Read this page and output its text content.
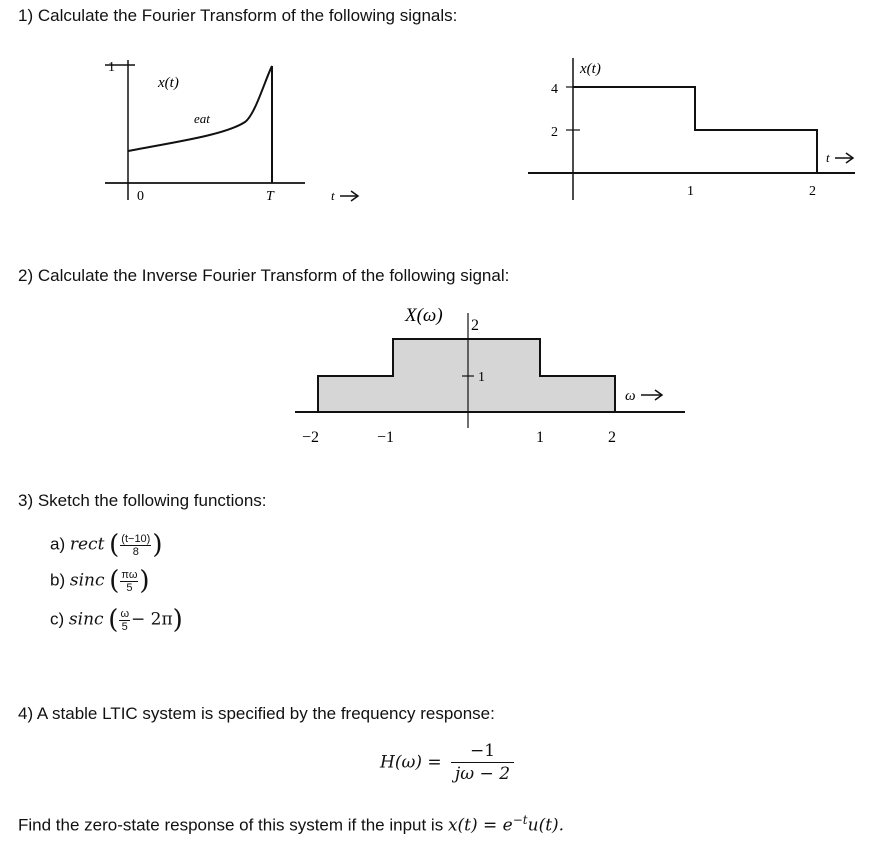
1) Calculate the Fourier Transform of the following signals:
1
x(t)
eat
0	T	t
4
2
x(t)
1	2
t
2) Calculate the Inverse Fourier Transform of the following signal:
X(ω) 2
1
−2	−1	1	2
ω
3) Sketch the following functions:
a) rect ( $\frac{(t-10)}{8}$ )
b) sinc ( $\frac{\pi\omega}{5}$ )
c) sinc ( $\frac{\omega}{5} - 2\pi$)
4) A stable LTIC system is specified by the frequency response:
$H(\omega) = \frac{-1}{j\omega - 2}$
Find the zero-state response of this system if the input is $x(t) = e^{-t}u(t)$.
